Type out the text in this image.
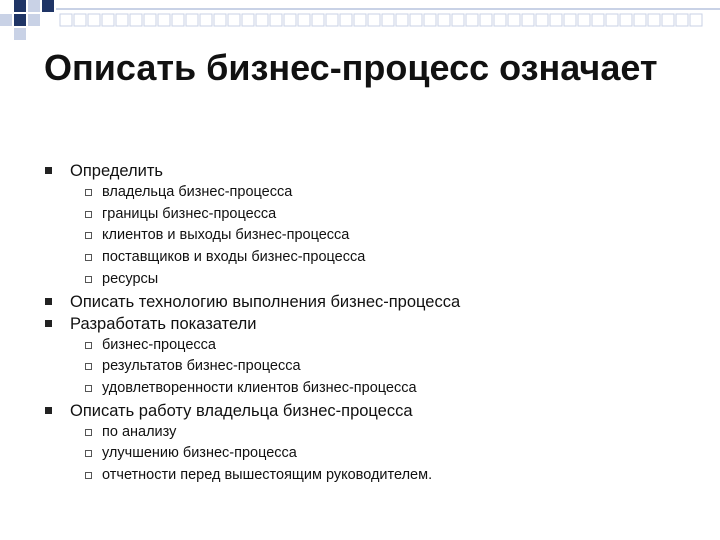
Описать бизнес-процесс означает
Определить
владельца бизнес-процесса
границы бизнес-процесса
клиентов и выходы бизнес-процесса
поставщиков и входы бизнес-процесса
ресурсы
Описать технологию выполнения бизнес-процесса
Разработать показатели
бизнес-процесса
результатов бизнес-процесса
удовлетворенности клиентов бизнес-процесса
Описать работу владельца бизнес-процесса
по анализу
улучшению бизнес-процесса
отчетности перед вышестоящим руководителем.
